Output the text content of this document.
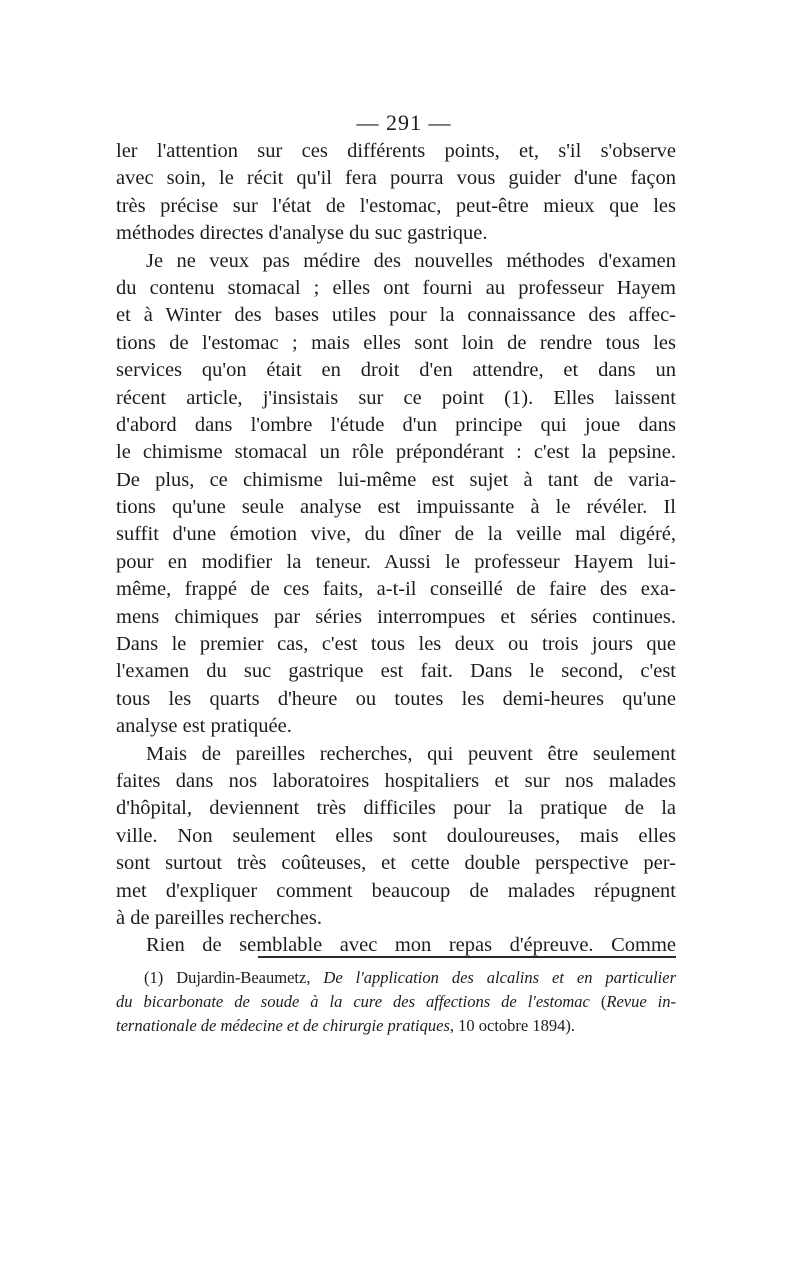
— 291 —
ler l'attention sur ces différents points, et, s'il s'observe
avec soin, le récit qu'il fera pourra vous guider d'une façon
très précise sur l'état de l'estomac, peut-être mieux que les
méthodes directes d'analyse du suc gastrique.
Je ne veux pas médire des nouvelles méthodes d'examen
du contenu stomacal ; elles ont fourni au professeur Hayem
et à Winter des bases utiles pour la connaissance des affec-
tions de l'estomac ; mais elles sont loin de rendre tous les
services qu'on était en droit d'en attendre, et dans un
récent article, j'insistais sur ce point (1). Elles laissent
d'abord dans l'ombre l'étude d'un principe qui joue dans
le chimisme stomacal un rôle prépondérant : c'est la pepsine.
De plus, ce chimisme lui-même est sujet à tant de varia-
tions qu'une seule analyse est impuissante à le révéler. Il
suffit d'une émotion vive, du dîner de la veille mal digéré,
pour en modifier la teneur. Aussi le professeur Hayem lui-
même, frappé de ces faits, a-t-il conseillé de faire des exa-
mens chimiques par séries interrompues et séries continues.
Dans le premier cas, c'est tous les deux ou trois jours que
l'examen du suc gastrique est fait. Dans le second, c'est
tous les quarts d'heure ou toutes les demi-heures qu'une
analyse est pratiquée.
Mais de pareilles recherches, qui peuvent être seulement
faites dans nos laboratoires hospitaliers et sur nos malades
d'hôpital, deviennent très difficiles pour la pratique de la
ville. Non seulement elles sont douloureuses, mais elles
sont surtout très coûteuses, et cette double perspective per-
met d'expliquer comment beaucoup de malades répugnent
à de pareilles recherches.
Rien de semblable avec mon repas d'épreuve. Comme
(1) Dujardin-Beaumetz, De l'application des alcalins et en particulier
du bicarbonate de soude à la cure des affections de l'estomac (Revue in-
ternationale de médecine et de chirurgie pratiques, 10 octobre 1894).
